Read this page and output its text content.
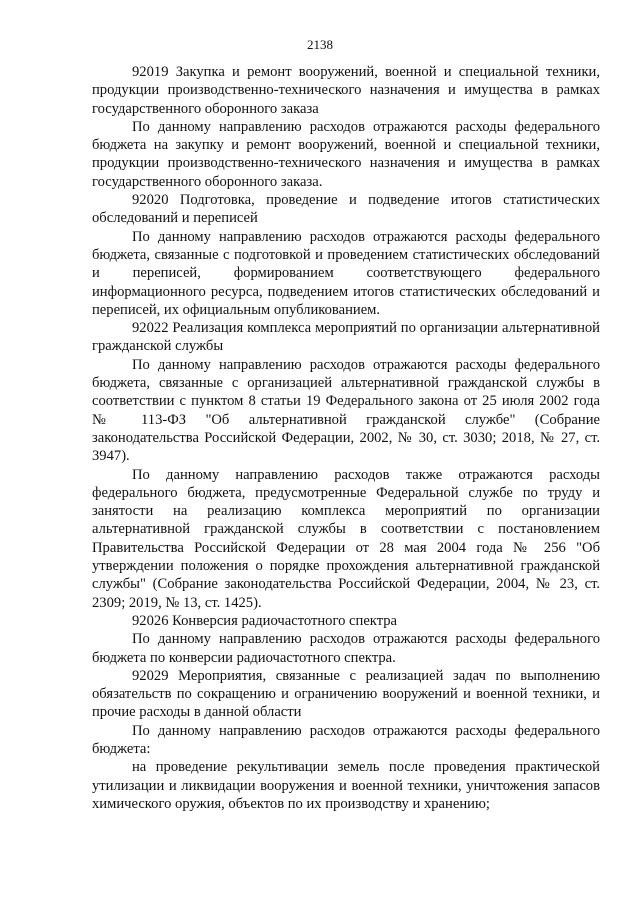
2138

92019 Закупка и ремонт вооружений, военной и специальной техники, продукции производственно-технического назначения и имущества в рамках государственного оборонного заказа

По данному направлению расходов отражаются расходы федерального бюджета на закупку и ремонт вооружений, военной и специальной техники, продукции производственно-технического назначения и имущества в рамках государственного оборонного заказа.

92020 Подготовка, проведение и подведение итогов статистических обследований и переписей

По данному направлению расходов отражаются расходы федерального бюджета, связанные с подготовкой и проведением статистических обследований и переписей, формированием соответствующего федерального информационного ресурса, подведением итогов статистических обследований и переписей, их официальным опубликованием.

92022 Реализация комплекса мероприятий по организации альтернативной гражданской службы

По данному направлению расходов отражаются расходы федерального бюджета, связанные с организацией альтернативной гражданской службы в соответствии с пунктом 8 статьи 19 Федерального закона от 25 июля 2002 года № 113-ФЗ "Об альтернативной гражданской службе" (Собрание законодательства Российской Федерации, 2002, № 30, ст. 3030; 2018, № 27, ст. 3947).

По данному направлению расходов также отражаются расходы федерального бюджета, предусмотренные Федеральной службе по труду и занятости на реализацию комплекса мероприятий по организации альтернативной гражданской службы в соответствии с постановлением Правительства Российской Федерации от 28 мая 2004 года № 256 "Об утверждении положения о порядке прохождения альтернативной гражданской службы" (Собрание законодательства Российской Федерации, 2004, № 23, ст. 2309; 2019, № 13, ст. 1425).

92026 Конверсия радиочастотного спектра

По данному направлению расходов отражаются расходы федерального бюджета по конверсии радиочастотного спектра.

92029 Мероприятия, связанные с реализацией задач по выполнению обязательств по сокращению и ограничению вооружений и военной техники, и прочие расходы в данной области

По данному направлению расходов отражаются расходы федерального бюджета:

на проведение рекультивации земель после проведения практической утилизации и ликвидации вооружения и военной техники, уничтожения запасов химического оружия, объектов по их производству и хранению;
